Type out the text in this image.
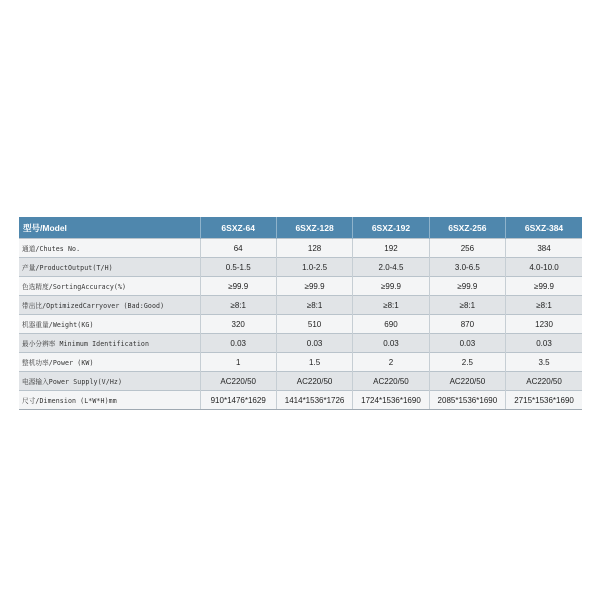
型号/Model	6SXZ-64	6SXZ-128	6SXZ-192	6SXZ-256	6SXZ-384
通道/Chutes No.	64	128	192	256	384
产量/ProductOutput(T/H)	0.5-1.5	1.0-2.5	2.0-4.5	3.0-6.5	4.0-10.0
色选精度/SortingAccuracy(%)	≥99.9	≥99.9	≥99.9	≥99.9	≥99.9
带出比/OptimizedCarryover (Bad:Good)	≥8:1	≥8:1	≥8:1	≥8:1	≥8:1
机器重量/Weight(KG)	320	510	690	870	1230
最小分辨率 Minimum Identification	0.03	0.03	0.03	0.03	0.03
整机功率/Power (KW)	1	1.5	2	2.5	3.5
电源输入Power Supply(V/Hz)	AC220/50	AC220/50	AC220/50	AC220/50	AC220/50
尺寸/Dimension (L*W*H)mm	910*1476*1629	1414*1536*1726	1724*1536*1690	2085*1536*1690	2715*1536*1690
